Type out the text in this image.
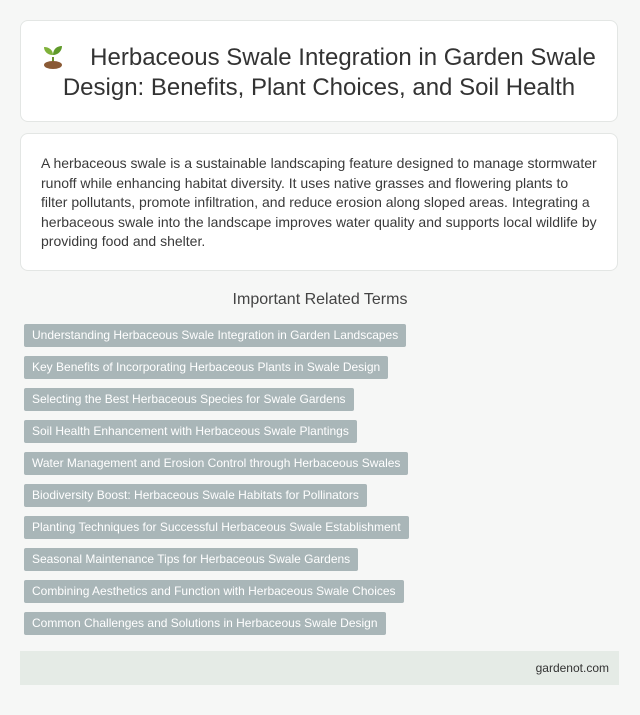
Herbaceous Swale Integration in Garden Swale Design: Benefits, Plant Choices, and Soil Health

A herbaceous swale is a sustainable landscaping feature designed to manage stormwater runoff while enhancing habitat diversity. It uses native grasses and flowering plants to filter pollutants, promote infiltration, and reduce erosion along sloped areas. Integrating a herbaceous swale into the landscape improves water quality and supports local wildlife by providing food and shelter.

Important Related Terms
Understanding Herbaceous Swale Integration in Garden Landscapes
Key Benefits of Incorporating Herbaceous Plants in Swale Design
Selecting the Best Herbaceous Species for Swale Gardens
Soil Health Enhancement with Herbaceous Swale Plantings
Water Management and Erosion Control through Herbaceous Swales
Biodiversity Boost: Herbaceous Swale Habitats for Pollinators
Planting Techniques for Successful Herbaceous Swale Establishment
Seasonal Maintenance Tips for Herbaceous Swale Gardens
Combining Aesthetics and Function with Herbaceous Swale Choices
Common Challenges and Solutions in Herbaceous Swale Design
gardenot.com
